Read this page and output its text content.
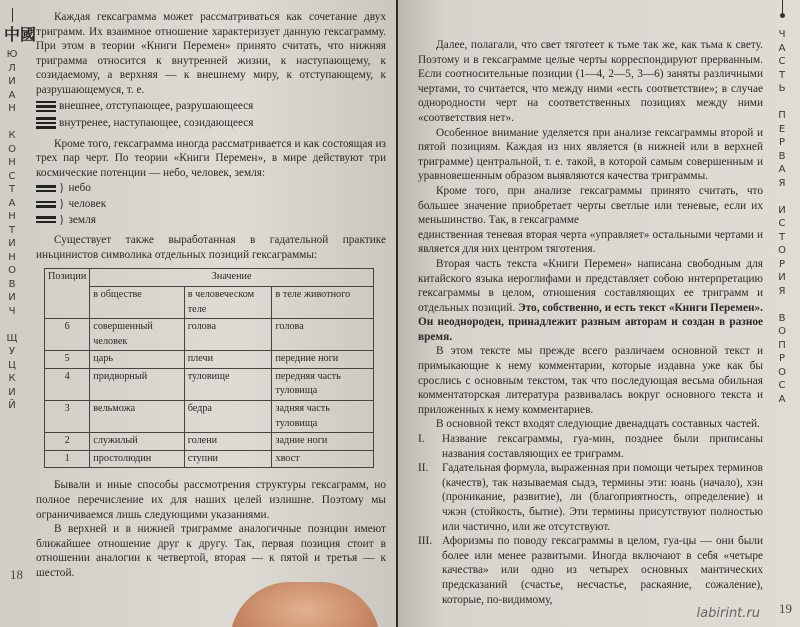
中國
Ю
Л
И
А
Н

К
О
Н
С
Т
А
Н
Т
И
Н
О
В
И
Ч

Щ
У
Ц
К
И
Й

Каждая гексаграмма может рассматриваться как сочетание двух триграмм. Их взаимное отношение характеризует данную гексаграмму. При этом в теории «Книги Перемен» принято считать, что нижняя триграмма относится к внутренней жизни, к наступающему, к созидаемому, а верхняя — к внешнему миру, к отступающему, к разрушающемуся, т. е.

внешнее, отступающее, разрушающееся
внутренее, наступающее, созидающееся

Кроме того, гексаграмма иногда рассматривается и как состоящая из трех пар черт. По теории «Книги Перемен», в мире действуют три космические потенции — небо, человек, земля:

} небо
} человек
} земля

Существует также выработанная в гадательной практике иньцинистов символика отдельных позиций гексаграммы:

Позиции	Значение		
	в обществе	в человеческом теле	в теле животного
6	совершенный человек	голова	голова
5	царь	плечи	передние ноги
4	придворный	туловище	передняя часть туловища
3	вельможа	бедра	задняя часть туловища
2	служилый	голени	задние ноги
1	простолюдин	ступни	хвост

Бывали и иные способы рассмотрения структуры гексаграмм, но полное перечисление их для наших целей излишне. Поэтому мы ограничиваемся лишь следующими указаниями.

В верхней и в нижней триграмме аналогичные позиции имеют ближайшее отношение друг к другу. Так, первая позиция стоит в отношении аналогии к четвертой, вторая — к пятой и третья — к шестой.

18
Ч
А
С
Т
Ь

П
Е
Р
В
А
Я

И
С
Т
О
Р
И
Я

В
О
П
Р
О
С
А

Далее, полагали, что свет тяготеет к тьме так же, как тьма к свету. Поэтому и в гексаграмме целые черты корреспондируют прерванным. Если соотносительные позиции (1—4, 2—5, 3—6) заняты различными чертами, то считается, что между ними «есть соответствие»; в случае однородности черт на соответственных позициях между ними «соответствия нет».

Особенное внимание уделяется при анализе гексаграммы второй и пятой позициям. Каждая из них является (в нижней или в верхней триграмме) центральной, т. е. такой, в которой самым совершенным и уравновешенным образом выявляются качества триграммы.

Кроме того, при анализе гексаграммы принято считать, что большее значение приобретает черты светлые или теневые, если их меньшинство. Так, в гексаграмме

единственная теневая вторая черта «управляет» остальными чертами и является для них центром тяготения.

Вторая часть текста «Книги Перемен» написана свободным для китайского языка иероглифами и представляет собою интерпретацию гексаграммы в целом, отношения составляющих ее триграмм и отдельных позиций. Это, собственно, и есть текст «Книги Перемен». Он неоднороден, принадлежит разным авторам и создан в разное время.

В этом тексте мы прежде всего различаем основной текст и примыкающие к нему комментарии, которые издавна уже как бы срослись с основным текстом, так что последующая весьма обильная комментаторская литература развивалась вокруг основного текста и приложенных к нему комментариев.

В основной текст входят следующие двенадцать составных частей.

I.	Название гексаграммы, гуа-мин, позднее были приписаны названия составляющих ее триграмм.
II.	Гадательная формула, выраженная при помощи четырех терминов (качеств), так называемая сыдэ, термины эти: юань (начало), хэн (проникание, развитие), ли (благоприятность, определение) и чжэн (стойкость, бытие). Эти термины присутствуют полностью или частично, или же отсутствуют.
III. Афоризмы по поводу гексаграммы в целом, гуа-цы — они были более или менее развитыми. Иногда включают в себя «четыре качества» или одно из четырех основных мантических предсказаний (счастье, несчастье, раскаяние, сожаление), которые, по-видимому,
labirint.ru 19
